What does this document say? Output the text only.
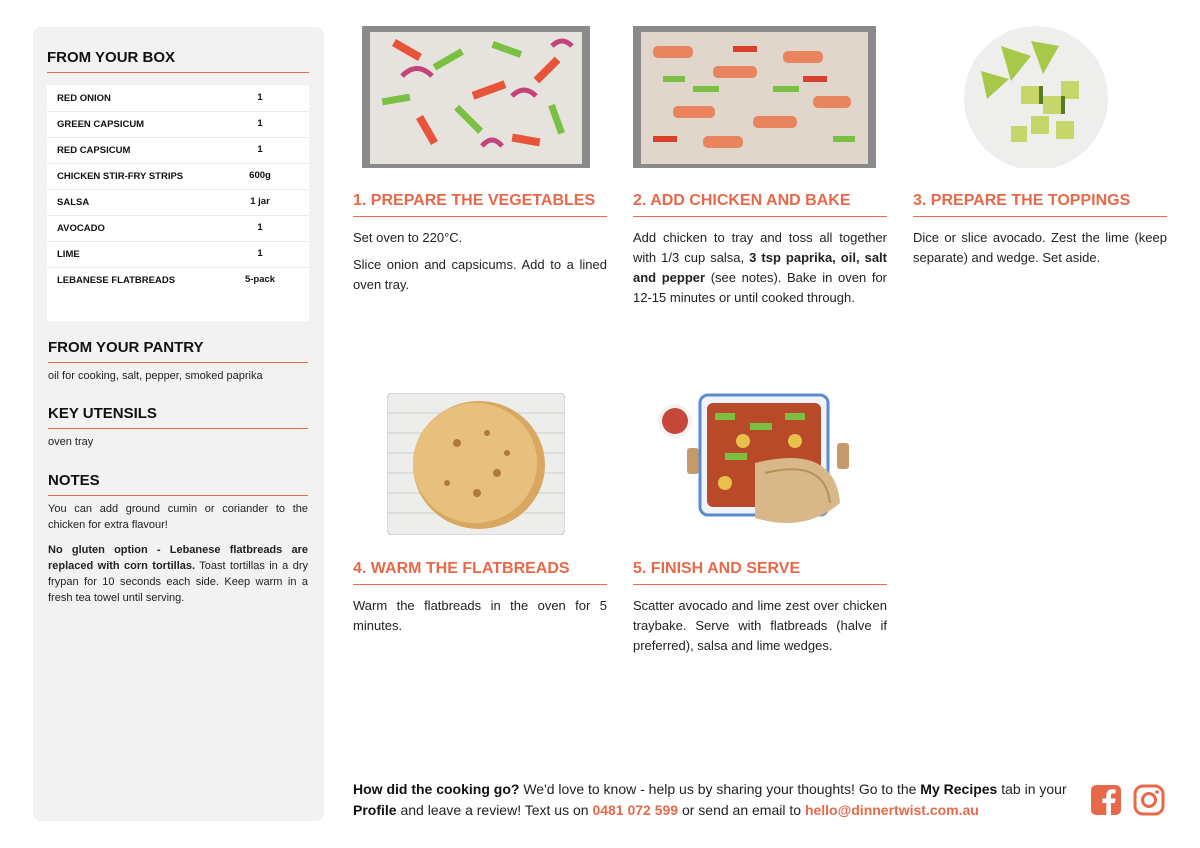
FROM YOUR BOX
RED ONION	1
GREEN CAPSICUM	1
RED CAPSICUM	1
CHICKEN STIR-FRY STRIPS	600g
SALSA	1 jar
AVOCADO	1
LIME	1
LEBANESE FLATBREADS	5-pack
FROM YOUR PANTRY
oil for cooking, salt, pepper, smoked paprika
KEY UTENSILS
oven tray
NOTES
You can add ground cumin or coriander to the chicken for extra flavour!
No gluten option - Lebanese flatbreads are replaced with corn tortillas. Toast tortillas in a dry frypan for 10 seconds each side. Keep warm in a fresh tea towel until serving.
1. PREPARE THE VEGETABLES

Set oven to 220°C.

Slice onion and capsicums. Add to a lined oven tray.

2. ADD CHICKEN AND BAKE
Add chicken to tray and toss all together with 1/3 cup salsa, 3 tsp paprika, oil, salt and pepper (see notes). Bake in oven for 12-15 minutes or until cooked through.
3. PREPARE THE TOPPINGS
Dice or slice avocado. Zest the lime (keep separate) and wedge. Set aside.
4. WARM THE FLATBREADS
Warm the flatbreads in the oven for 5 minutes.
5. FINISH AND SERVE
Scatter avocado and lime zest over chicken traybake. Serve with flatbreads (halve if preferred), salsa and lime wedges.
How did the cooking go? We'd love to know - help us by sharing your thoughts! Go to the My Recipes tab in your Profile and leave a review! Text us on 0481 072 599 or send an email to hello@dinnertwist.com.au
